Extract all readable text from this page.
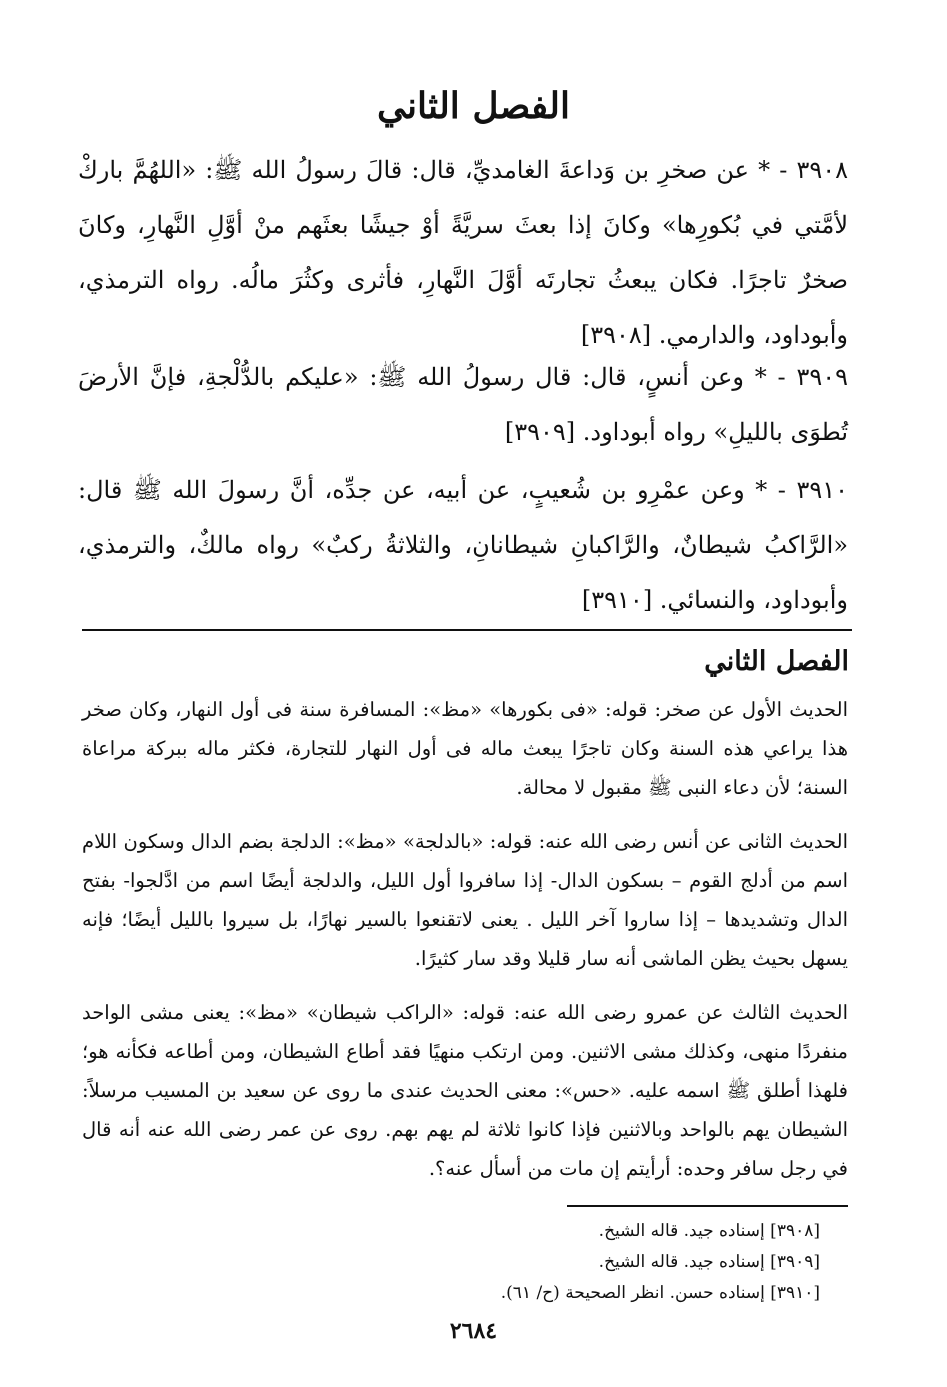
الفصل الثاني

٣٩٠٨ - * عن صخرِ بن وَداعةَ الغامديِّ، قال: قالَ رسولُ الله ﷺ: «اللهُمَّ باركْ لأمَّتي في بُكورِها» وكانَ إذا بعثَ سريَّةً أوْ جيشًا بعثَهم منْ أوَّلِ النَّهارِ، وكانَ صخرٌ تاجرًا. فكان يبعثُ تجارتَه أوَّلَ النَّهارِ، فأثرى وكثُرَ مالُه. رواه الترمذي، وأبوداود، والدارمي. [٣٩٠٨]

٣٩٠٩ - * وعن أنسٍ، قال: قال رسولُ الله ﷺ: «عليكم بالدُّلْجةِ، فإنَّ الأرضَ تُطوَى بالليلِ» رواه أبوداود. [٣٩٠٩]

٣٩١٠ - * وعن عمْرِو بن شُعيبٍ، عن أبيه، عن جدِّه، أنَّ رسولَ الله ﷺ قال: «الرَّاكبُ شيطانٌ، والرَّاكبانِ شيطانانِ، والثلاثةُ ركبٌ» رواه مالكٌ، والترمذي، وأبوداود، والنسائي. [٣٩١٠]

الفصل الثاني

الحديث الأول عن صخر: قوله: «فى بكورها» «مظ»: المسافرة سنة فى أول النهار، وكان صخر هذا يراعي هذه السنة وكان تاجرًا يبعث ماله فى أول النهار للتجارة، فكثر ماله ببركة مراعاة السنة؛ لأن دعاء النبى ﷺ مقبول لا محالة.

الحديث الثانى عن أنس رضى الله عنه: قوله: «بالدلجة» «مظ»: الدلجة بضم الدال وسكون اللام اسم من أدلج القوم – بسكون الدال- إذا سافروا أول الليل، والدلجة أيضًا اسم من ادَّلجوا- بفتح الدال وتشديدها – إذا ساروا آخر الليل . يعنى لاتقنعوا بالسير نهارًا، بل سيروا بالليل أيضًا؛ فإنه يسهل بحيث يظن الماشى أنه سار قليلا وقد سار كثيرًا.

الحديث الثالث عن عمرو رضى الله عنه: قوله: «الراكب شيطان» «مظ»: يعنى مشى الواحد منفردًا منهى، وكذلك مشى الاثنين. ومن ارتكب منهيًا فقد أطاع الشيطان، ومن أطاعه فكأنه هو؛ فلهذا أطلق ﷺ اسمه عليه. «حس»: معنى الحديث عندى ما روى عن سعيد بن المسيب مرسلاً: الشيطان يهم بالواحد وبالاثنين فإذا كانوا ثلاثة لم يهم بهم. روى عن عمر رضى الله عنه أنه قال في رجل سافر وحده: أرأيتم إن مات من أسأل عنه؟.

[٣٩٠٨] إسناده جيد. قاله الشيخ.
[٣٩٠٩] إسناده جيد. قاله الشيخ.
[٣٩١٠] إسناده حسن. انظر الصحيحة (ح/ ٦١).
٢٦٨٤
